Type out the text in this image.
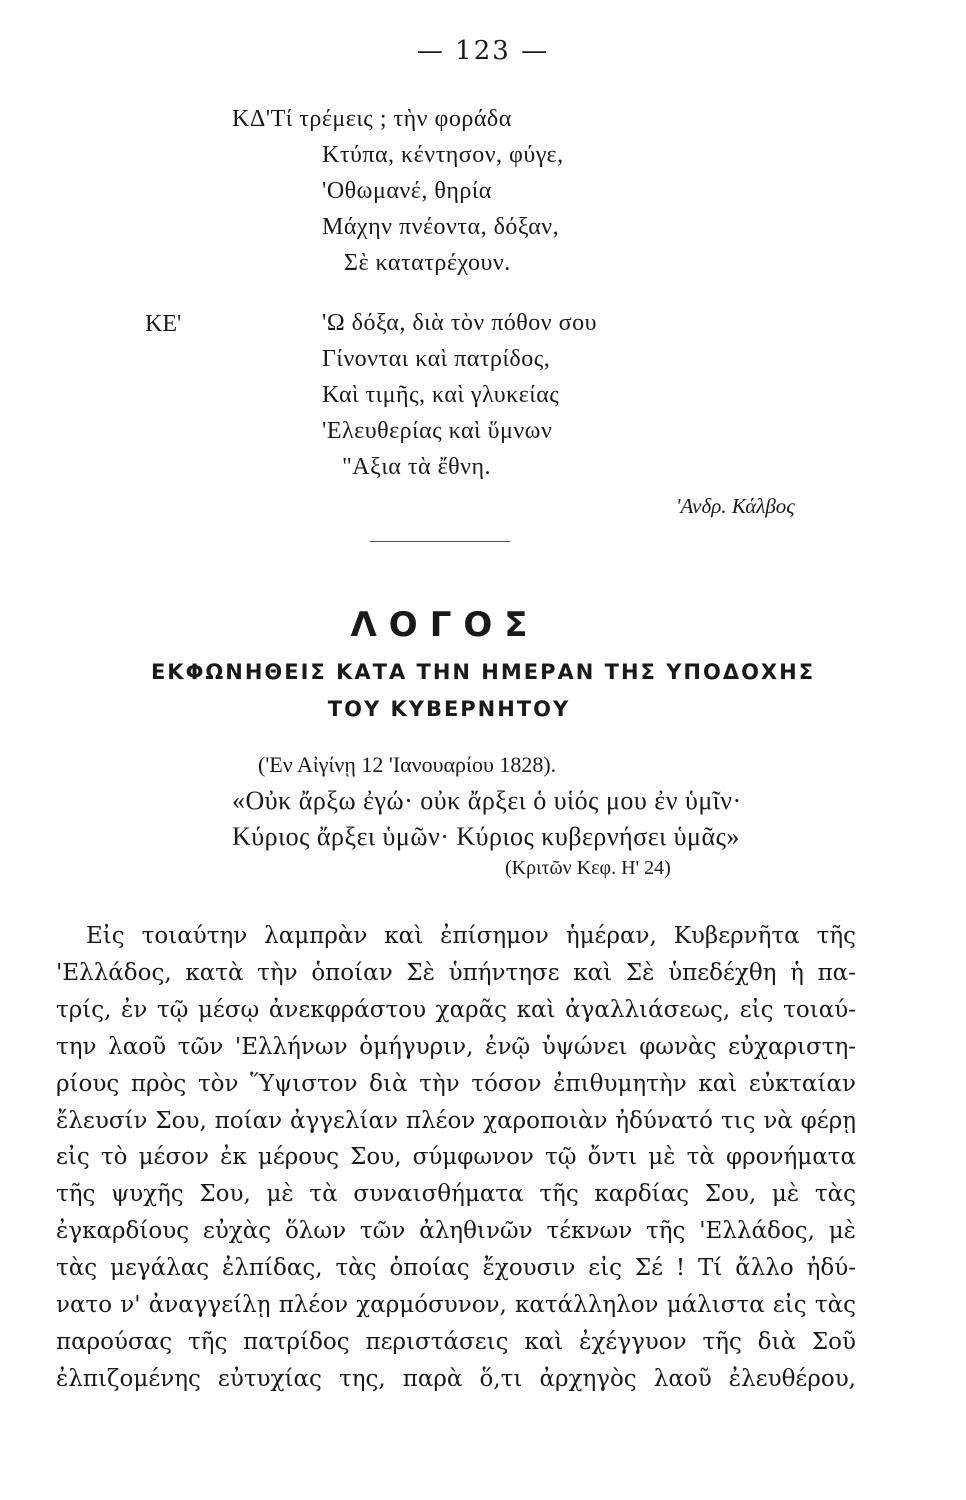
— 123 —
ΚΔ'Τί τρέμεις ; τὴν φοράδα
Κτύπα, κέντησον, φύγε,
'Οθωμανέ, θηρία
Μάχην πνέοντα, δόξαν,
Σὲ κατατρέχουν.
ΚΕ'	'Ω δόξα, διὰ τὸν πόθον σου
Γίνονται καὶ πατρίδος,
Καὶ τιμῆς, καὶ γλυκείας
'Ελευθερίας καὶ ὕμνων
"Αξια τὰ ἔθνη.
'Ανδρ. Κάλβος
ΛΟΓΟΣ
ΕΚΦΩΝΗΘΕΙΣ ΚΑΤΑ ΤΗΝ ΗΜΕΡΑΝ ΤΗΣ ΥΠΟΔΟΧΗΣ
ΤΟΥ ΚΥΒΕΡΝΗΤΟΥ
('Εν Αἰγίνῃ 12 'Ιανουαρίου 1828).
«Οὐκ ἄρξω ἐγώ· οὐκ ἄρξει ὁ υἱός μου ἐν ὑμῖν·
Κύριος ἄρξει ὑμῶν· Κύριος κυβερνήσει ὑμᾶς»
(Κριτῶν Κεφ. Η' 24)
Εἰς τοιαύτην λαμπρὰν καὶ ἐπίσημον ἡμέραν, Κυβερνῆτα τῆς
'Ελλάδος, κατὰ τὴν ὁποίαν Σὲ ὑπήντησε καὶ Σὲ ὑπεδέχθη ἡ πα-
τρίς, ἐν τῷ μέσῳ ἀνεκφράστου χαρᾶς καὶ ἀγαλλιάσεως, εἰς τοιαύ-
την λαοῦ τῶν 'Ελλήνων ὁμήγυριν, ἐνῷ ὑψώνει φωνὰς εὐχαριστη-
ρίους πρὸς τὸν Ὕψιστον διὰ τὴν τόσον ἐπιθυμητὴν καὶ εὐκταίαν
ἔλευσίν Σου, ποίαν ἀγγελίαν πλέον χαροποιὰν ἠδύνατό τις νὰ φέρῃ
εἰς τὸ μέσον ἐκ μέρους Σου, σύμφωνον τῷ ὄντι μὲ τὰ φρονήματα
τῆς ψυχῆς Σου, μὲ τὰ συναισθήματα τῆς καρδίας Σου, μὲ τὰς
ἐγκαρδίους εὐχὰς ὅλων τῶν ἀληθινῶν τέκνων τῆς 'Ελλάδος, μὲ
τὰς μεγάλας ἐλπίδας, τὰς ὁποίας ἔχουσιν εἰς Σέ ! Τί ἄλλο ἠδύ-
νατο ν' ἀναγγείλῃ πλέον χαρμόσυνον, κατάλληλον μάλιστα εἰς τὰς
παρούσας τῆς πατρίδος περιστάσεις καὶ ἐχέγγυον τῆς διὰ Σοῦ
ἐλπιζομένης εὐτυχίας της, παρὰ ὅ,τι ἀρχηγὸς λαοῦ ἐλευθέρου,
